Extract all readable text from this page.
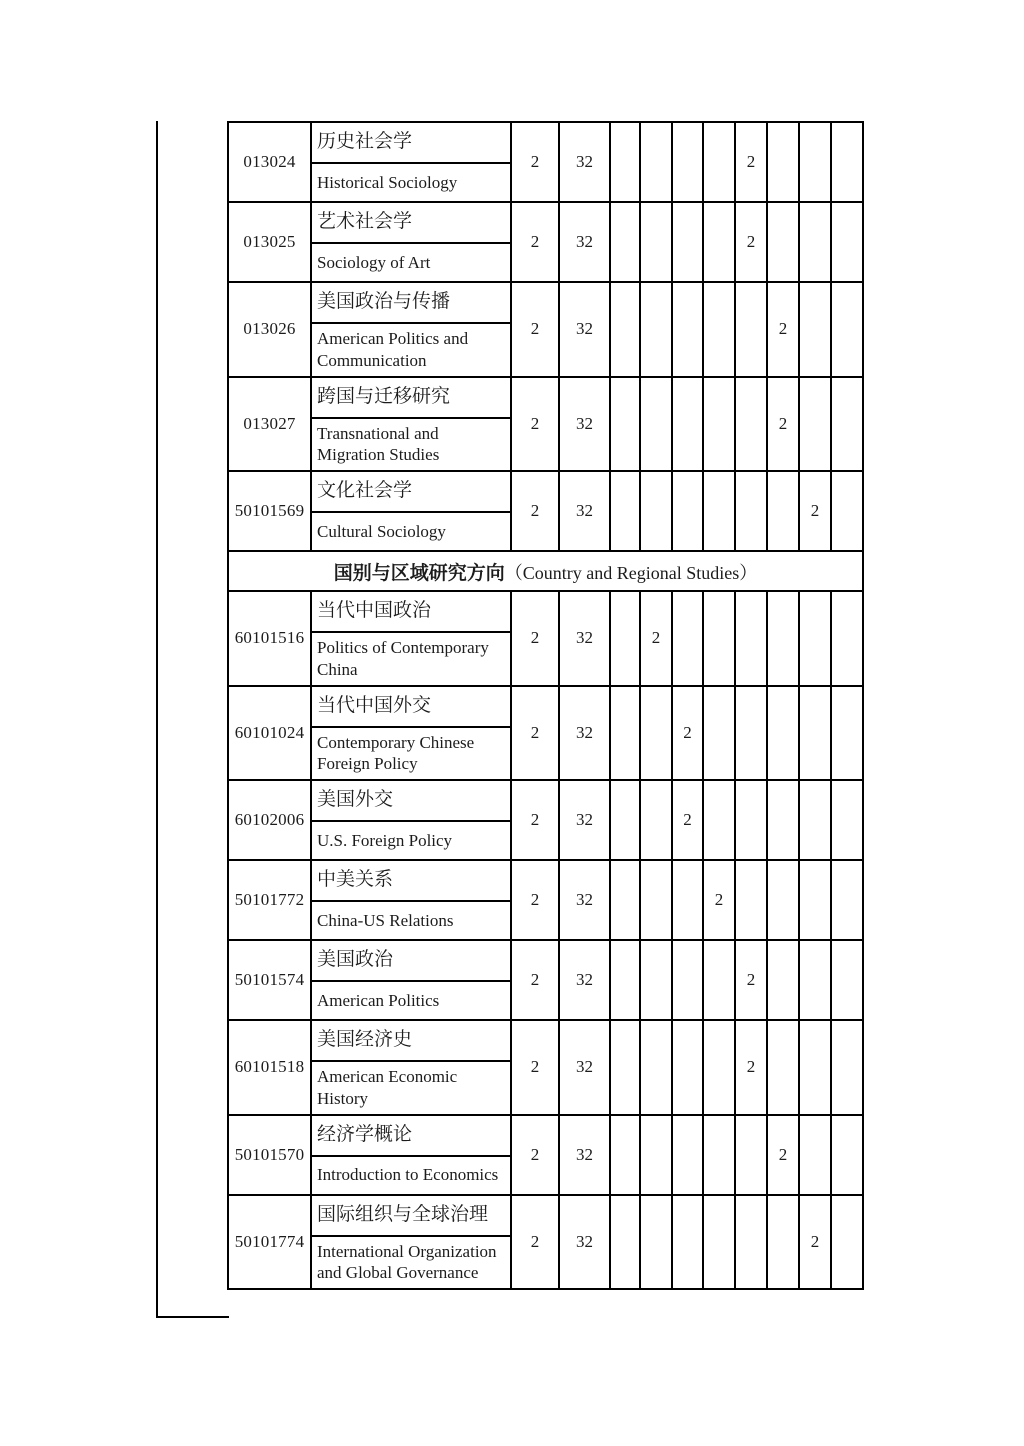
013024	历史社会学
Historical Sociology	2	32					2			
013025	艺术社会学
Sociology of Art	2	32					2			
013026	美国政治与传播
American Politics and Communication	2	32						2		
013027	跨国与迁移研究
Transnational and Migration Studies	2	32						2		
50101569	文化社会学
Cultural Sociology	2	32							2	
国别与区域研究方向（Country and Regional Studies）											
60101516	当代中国政治
Politics of Contemporary China	2	32		2						
60101024	当代中国外交
Contemporary Chinese Foreign Policy	2	32			2					
60102006	美国外交
U.S. Foreign Policy	2	32			2					
50101772	中美关系
China-US Relations	2	32				2				
50101574	美国政治
American Politics	2	32					2			
60101518	美国经济史
American Economic History	2	32					2			
50101570	经济学概论
Introduction to Economics	2	32						2		
50101774	国际组织与全球治理
International Organization and Global Governance	2	32							2	
